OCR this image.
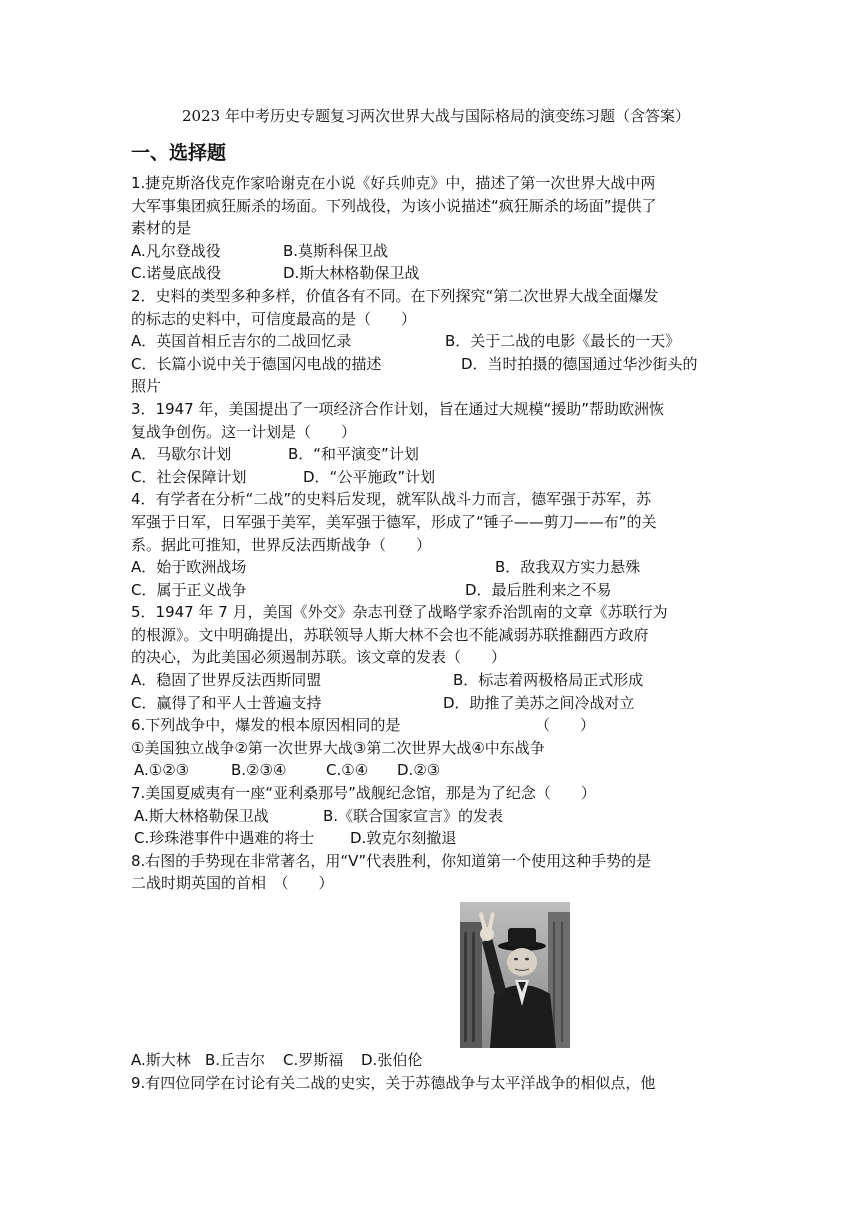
2023 年中考历史专题复习两次世界大战与国际格局的演变练习题（含答案）
一、选择题
1.捷克斯洛伐克作家哈谢克在小说《好兵帅克》中，描述了第一次世界大战中两
大军事集团疯狂厮杀的场面。下列战役，为该小说描述“疯狂厮杀的场面”提供了
素材的是
A.凡尔登战役	B.莫斯科保卫战
C.诺曼底战役	D.斯大林格勒保卫战
2．史料的类型多种多样，价值各有不同。在下列探究“第二次世界大战全面爆发
的标志的史料中，可信度最高的是（　　）
A．英国首相丘吉尔的二战回忆录	B．关于二战的电影《最长的一天》
C．长篇小说中关于德国闪电战的描述	D．当时拍摄的德国通过华沙街头的
照片
3．1947 年，美国提出了一项经济合作计划，旨在通过大规模“援助”帮助欧洲恢
复战争创伤。这一计划是（　　）
A．马歇尔计划	B．“和平演变”计划
C．社会保障计划	D．“公平施政”计划
4．有学者在分析“二战”的史料后发现，就军队战斗力而言，德军强于苏军，苏
军强于日军，日军强于美军，美军强于德军，形成了“锤子——剪刀——布”的关
系。据此可推知，世界反法西斯战争（　　）
A．始于欧洲战场	B．敌我双方实力悬殊
C．属于正义战争	D．最后胜利来之不易
5．1947 年 7 月，美国《外交》杂志刊登了战略学家乔治凯南的文章《苏联行为
的根源》。文中明确提出，苏联领导人斯大林不会也不能减弱苏联推翻西方政府
的决心，为此美国必须遏制苏联。该文章的发表（　　）
A．稳固了世界反法西斯同盟	B．标志着两极格局正式形成
C．赢得了和平人士普遍支持	D．助推了美苏之间冷战对立
6.下列战争中，爆发的根本原因相同的是	（　　）
①美国独立战争②第一次世界大战③第二次世界大战④中东战争
A.①②③	B.②③④	C.①④	D.②③
7.美国夏威夷有一座“亚利桑那号”战舰纪念馆，那是为了纪念（　　）
A.斯大林格勒保卫战	B.《联合国家宣言》的发表
C.珍珠港事件中遇难的将士	D.敦克尔刻撤退
8.右图的手势现在非常著名，用“V”代表胜利，你知道第一个使用这种手势的是
二战时期英国的首相　（　　）
A.斯大林 B.丘吉尔	C.罗斯福	D.张伯伦
9.有四位同学在讨论有关二战的史实，关于苏德战争与太平洋战争的相似点，他
